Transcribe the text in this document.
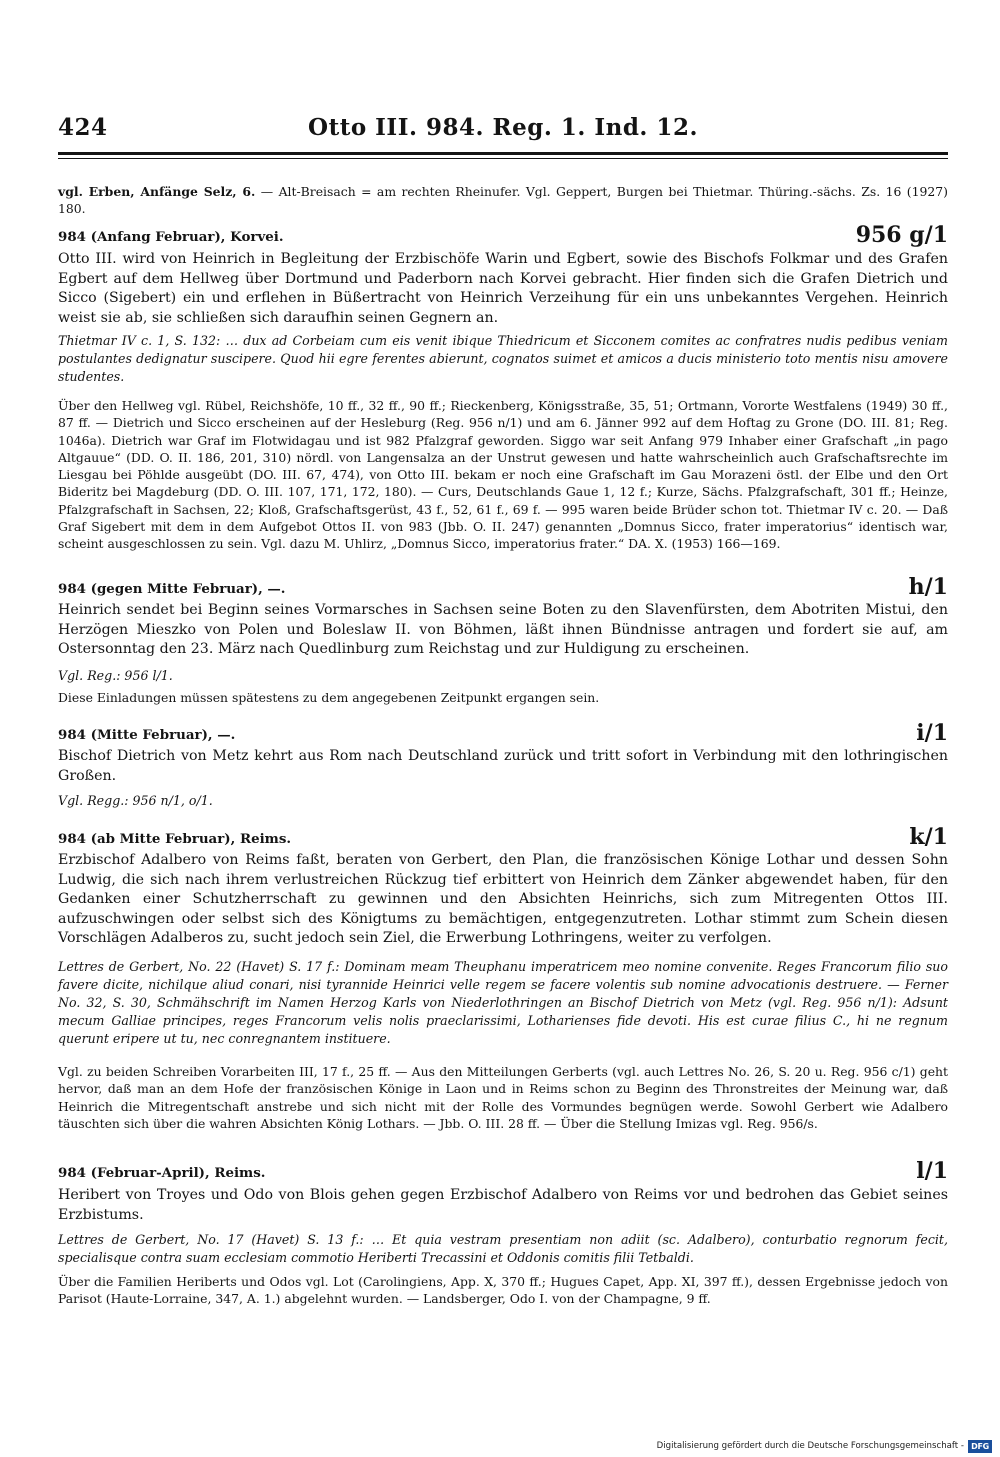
424	Otto III. 984. Reg. 1. Ind. 12.

vgl. Erben, Anfänge Selz, 6. — Alt-Breisach = am rechten Rheinufer. Vgl. Geppert, Burgen bei Thietmar. Thüring.-sächs. Zs. 16 (1927) 180.

984 (Anfang Februar), Korvei.	956 g/1

Otto III. wird von Heinrich in Begleitung der Erzbischöfe Warin und Egbert, sowie des Bischofs Folkmar und des Grafen Egbert auf dem Hellweg über Dortmund und Paderborn nach Korvei gebracht. Hier finden sich die Grafen Dietrich und Sicco (Sigebert) ein und erflehen in Büßertracht von Heinrich Verzeihung für ein uns unbekanntes Vergehen. Heinrich weist sie ab, sie schließen sich daraufhin seinen Gegnern an.

Thietmar IV c. 1, S. 132: … dux ad Corbeiam cum eis venit ibique Thiedricum et Sicconem comites ac confratres nudis pedibus veniam postulantes dedignatur suscipere. Quod hii egre ferentes abierunt, cognatos suimet et amicos a ducis ministerio toto mentis nisu amovere studentes.

Über den Hellweg vgl. Rübel, Reichshöfe, 10 ff., 32 ff., 90 ff.; Rieckenberg, Königsstraße, 35, 51; Ortmann, Vororte Westfalens (1949) 30 ff., 87 ff. — Dietrich und Sicco erscheinen auf der Hesleburg (Reg. 956 n/1) und am 6. Jänner 992 auf dem Hoftag zu Grone (DO. III. 81; Reg. 1046a). Dietrich war Graf im Flotwidagau und ist 982 Pfalzgraf geworden. Siggo war seit Anfang 979 Inhaber einer Grafschaft „in pago Altgauue“ (DD. O. II. 186, 201, 310) nördl. von Langensalza an der Unstrut gewesen und hatte wahrscheinlich auch Grafschaftsrechte im Liesgau bei Pöhlde ausgeübt (DO. III. 67, 474), von Otto III. bekam er noch eine Grafschaft im Gau Morazeni östl. der Elbe und den Ort Bideritz bei Magdeburg (DD. O. III. 107, 171, 172, 180). — Curs, Deutschlands Gaue 1, 12 f.; Kurze, Sächs. Pfalzgrafschaft, 301 ff.; Heinze, Pfalzgrafschaft in Sachsen, 22; Kloß, Grafschaftsgerüst, 43 f., 52, 61 f., 69 f. — 995 waren beide Brüder schon tot. Thietmar IV c. 20. — Daß Graf Sigebert mit dem in dem Aufgebot Ottos II. von 983 (Jbb. O. II. 247) genannten „Domnus Sicco, frater imperatorius“ identisch war, scheint ausgeschlossen zu sein. Vgl. dazu M. Uhlirz, „Domnus Sicco, imperatorius frater.“ DA. X. (1953) 166—169.

984 (gegen Mitte Februar), —.	h/1

Heinrich sendet bei Beginn seines Vormarsches in Sachsen seine Boten zu den Slavenfürsten, dem Abotriten Mistui, den Herzögen Mieszko von Polen und Boleslaw II. von Böhmen, läßt ihnen Bündnisse antragen und fordert sie auf, am Ostersonntag den 23. März nach Quedlinburg zum Reichstag und zur Huldigung zu erscheinen.

Vgl. Reg.: 956 l/1.

Diese Einladungen müssen spätestens zu dem angegebenen Zeitpunkt ergangen sein.

984 (Mitte Februar), —.	i/1

Bischof Dietrich von Metz kehrt aus Rom nach Deutschland zurück und tritt sofort in Verbindung mit den lothringischen Großen.

Vgl. Regg.: 956 n/1, o/1.

984 (ab Mitte Februar), Reims.	k/1

Erzbischof Adalbero von Reims faßt, beraten von Gerbert, den Plan, die französischen Könige Lothar und dessen Sohn Ludwig, die sich nach ihrem verlustreichen Rückzug tief erbittert von Heinrich dem Zänker abgewendet haben, für den Gedanken einer Schutzherrschaft zu gewinnen und den Absichten Heinrichs, sich zum Mitregenten Ottos III. aufzuschwingen oder selbst sich des Königtums zu bemächtigen, entgegenzutreten. Lothar stimmt zum Schein diesen Vorschlägen Adalberos zu, sucht jedoch sein Ziel, die Erwerbung Lothringens, weiter zu verfolgen.

Lettres de Gerbert, No. 22 (Havet) S. 17 f.: Dominam meam Theuphanu imperatricem meo nomine convenite. Reges Francorum filio suo favere dicite, nichilque aliud conari, nisi tyrannide Heinrici velle regem se facere volentis sub nomine advocationis destruere. — Ferner No. 32, S. 30, Schmähschrift im Namen Herzog Karls von Niederlothringen an Bischof Dietrich von Metz (vgl. Reg. 956 n/1): Adsunt mecum Galliae principes, reges Francorum velis nolis praeclarissimi, Lotharienses fide devoti. His est curae filius C., hi ne regnum querunt eripere ut tu, nec conregnantem instituere.

Vgl. zu beiden Schreiben Vorarbeiten III, 17 f., 25 ff. — Aus den Mitteilungen Gerberts (vgl. auch Lettres No. 26, S. 20 u. Reg. 956 c/1) geht hervor, daß man an dem Hofe der französischen Könige in Laon und in Reims schon zu Beginn des Thronstreites der Meinung war, daß Heinrich die Mitregentschaft anstrebe und sich nicht mit der Rolle des Vormundes begnügen werde. Sowohl Gerbert wie Adalbero täuschten sich über die wahren Absichten König Lothars. — Jbb. O. III. 28 ff. — Über die Stellung Imizas vgl. Reg. 956/s.

984 (Februar-April), Reims.	l/1

Heribert von Troyes und Odo von Blois gehen gegen Erzbischof Adalbero von Reims vor und bedrohen das Gebiet seines Erzbistums.

Lettres de Gerbert, No. 17 (Havet) S. 13 f.: … Et quia vestram presentiam non adiit (sc. Adalbero), conturbatio regnorum fecit, specialisque contra suam ecclesiam commotio Heriberti Trecassini et Oddonis comitis filii Tetbaldi.

Über die Familien Heriberts und Odos vgl. Lot (Carolingiens, App. X, 370 ff.; Hugues Capet, App. XI, 397 ff.), dessen Ergebnisse jedoch von Parisot (Haute-Lorraine, 347, A. 1.) abgelehnt wurden. — Landsberger, Odo I. von der Champagne, 9 ff.

Digitalisierung gefördert durch die Deutsche Forschungsgemeinschaft - DFG
